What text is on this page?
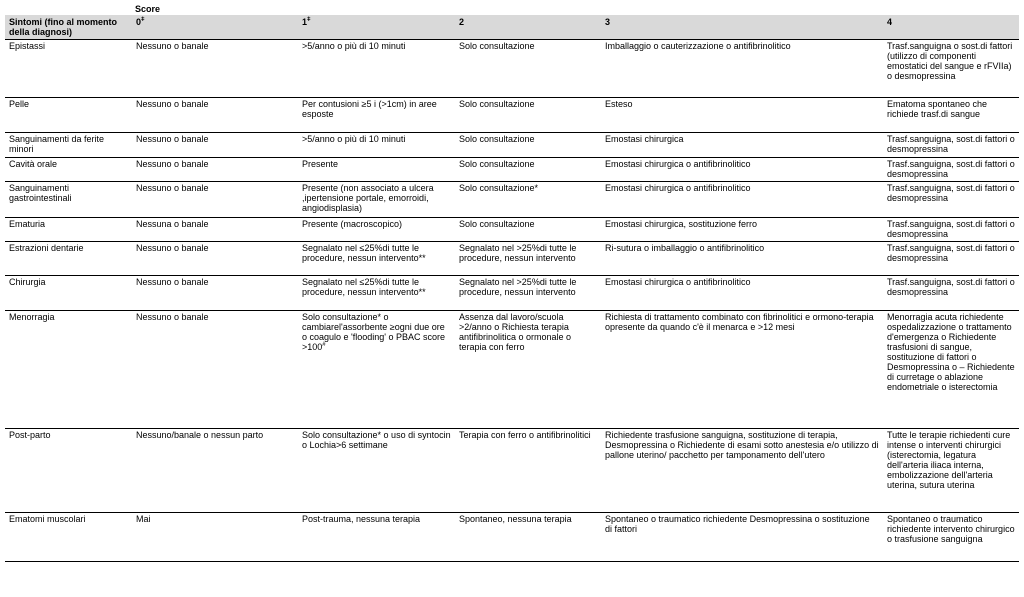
Score
Sintomi (fino al momento della diagnosi)	$0^ǂ$	$1^ǂ$	2	3	4
Epistassi	Nessuno o banale	>5/anno o più di 10 minuti	Solo consultazione	Imballaggio o cauterizzazione o antifibrinolitico	Trasf.sanguigna o sost.di fattori (utilizzo di componenti emostatici del sangue e rFVIIa) o desmopressina
Pelle	Nessuno o banale	Per contusioni ≥5 i (>1cm) in aree esposte	Solo consultazione	Esteso	Ematoma spontaneo che richiede trasf.di sangue
Sanguinamenti da ferite minori	Nessuno o banale	>5/anno o più di 10 minuti	Solo consultazione	Emostasi chirurgica	Trasf.sanguigna, sost.di fattori o desmopressina
Cavità orale	Nessuno o banale	Presente	Solo consultazione	Emostasi chirurgica o antifibrinolitico	Trasf.sanguigna, sost.di fattori o desmopressina
Sanguinamenti gastrointestinali	Nessuno o banale	Presente (non associato a ulcera ,ipertensione portale, emorroidi, angiodisplasia)	Solo consultazione*	Emostasi chirurgica o antifibrinolitico	Trasf.sanguigna, sost.di fattori o desmopressina
Ematuria	Nessuna o banale	Presente (macroscopico)	Solo consultazione	Emostasi chirurgica, sostituzione ferro	Trasf.sanguigna, sost.di fattori o desmopressina
Estrazioni dentarie	Nessuno o banale	Segnalato nel ≤25%di tutte le procedure, nessun intervento**	Segnalato nel >25%di tutte le procedure, nessun intervento	Ri-sutura o imballaggio o antifibrinolitico	Trasf.sanguigna, sost.di fattori o desmopressina
Chirurgia	Nessuno o banale	Segnalato nel ≤25%di tutte le procedure, nessun intervento**	Segnalato nel >25%di tutte le procedure, nessun intervento	Emostasi chirurgica o antifibrinolitico	Trasf.sanguigna, sost.di fattori o desmopressina
Menorragia	Nessuno o banale	Solo consultazione* o cambiarel'assorbente ≥ogni due ore o coagulo e 'flooding' o PBAC score >100#	Assenza dal lavoro/scuola >2/anno o Richiesta terapia antifibrinolitica o ormonale o terapia con ferro	Richiesta di trattamento combinato con fibrinolitici e ormono-terapia opresente da quando c'è il menarca e >12 mesi	Menorragia acuta richiedente ospedalizzazione o trattamento d'emergenza o Richiedente trasfusioni di sangue, sostituzione di fattori o Desmopressina o – Richiedente di curretage o ablazione endometriale o isterectomia
Post-parto	Nessuno/banale o nessun parto	Solo consultazione* o uso di syntocin o Lochia>6 settimane	Terapia con ferro o antifibrinolitici	Richiedente trasfusione sanguigna, sostituzione di terapia, Desmopressina o Richiedente di esami sotto anestesia e/o utilizzo di pallone uterino/ pacchetto per tamponamento dell'utero	Tutte le terapie richiedenti cure intense o interventi chirurgici (isterectomia, legatura dell'arteria iliaca interna, embolizzazione dell'arteria uterina, sutura uterina
Ematomi muscolari	Mai	Post-trauma, nessuna terapia	Spontaneo, nessuna terapia	Spontaneo o traumatico richiedente Desmopressina o sostituzione di fattori	Spontaneo o traumatico richiedente intervento chirurgico o trasfusione sanguigna
